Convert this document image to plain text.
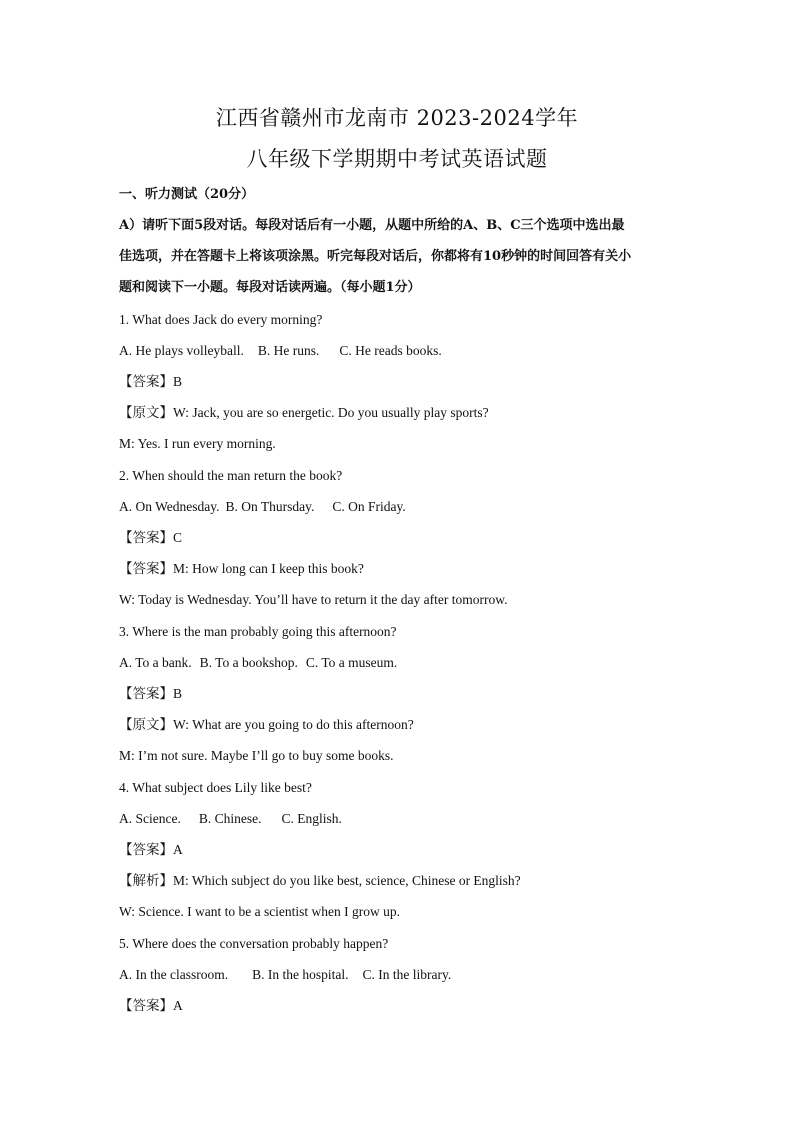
江西省赣州市龙南市 2023-2024学年
八年级下学期期中考试英语试题
一、听力测试（20分）
A）请听下面5段对话。每段对话后有一小题，从题中所给的A、B、C三个选项中选出最
佳选项，并在答题卡上将该项涂黑。听完每段对话后，你都将有10秒钟的时间回答有关小
题和阅读下一小题。每段对话读两遍。（每小题1分）
1. What does Jack do every morning?
A. He plays volleyball. B. He runs. C. He reads books.
【答案】B
【原文】W: Jack, you are so energetic. Do you usually play sports?
M: Yes. I run every morning.
2. When should the man return the book?
A. On Wednesday. B. On Thursday. C. On Friday.
【答案】C
【答案】M: How long can I keep this book?
W: Today is Wednesday. You’ll have to return it the day after tomorrow.
3. Where is the man probably going this afternoon?
A. To a bank. B. To a bookshop. C. To a museum.
【答案】B
【原文】W: What are you going to do this afternoon?
M: I’m not sure. Maybe I’ll go to buy some books.
4. What subject does Lily like best?
A. Science. B. Chinese. C. English.
【答案】A
【解析】M: Which subject do you like best, science, Chinese or English?
W: Science. I want to be a scientist when I grow up.
5. Where does the conversation probably happen?
A. In the classroom. B. In the hospital. C. In the library.
【答案】A
